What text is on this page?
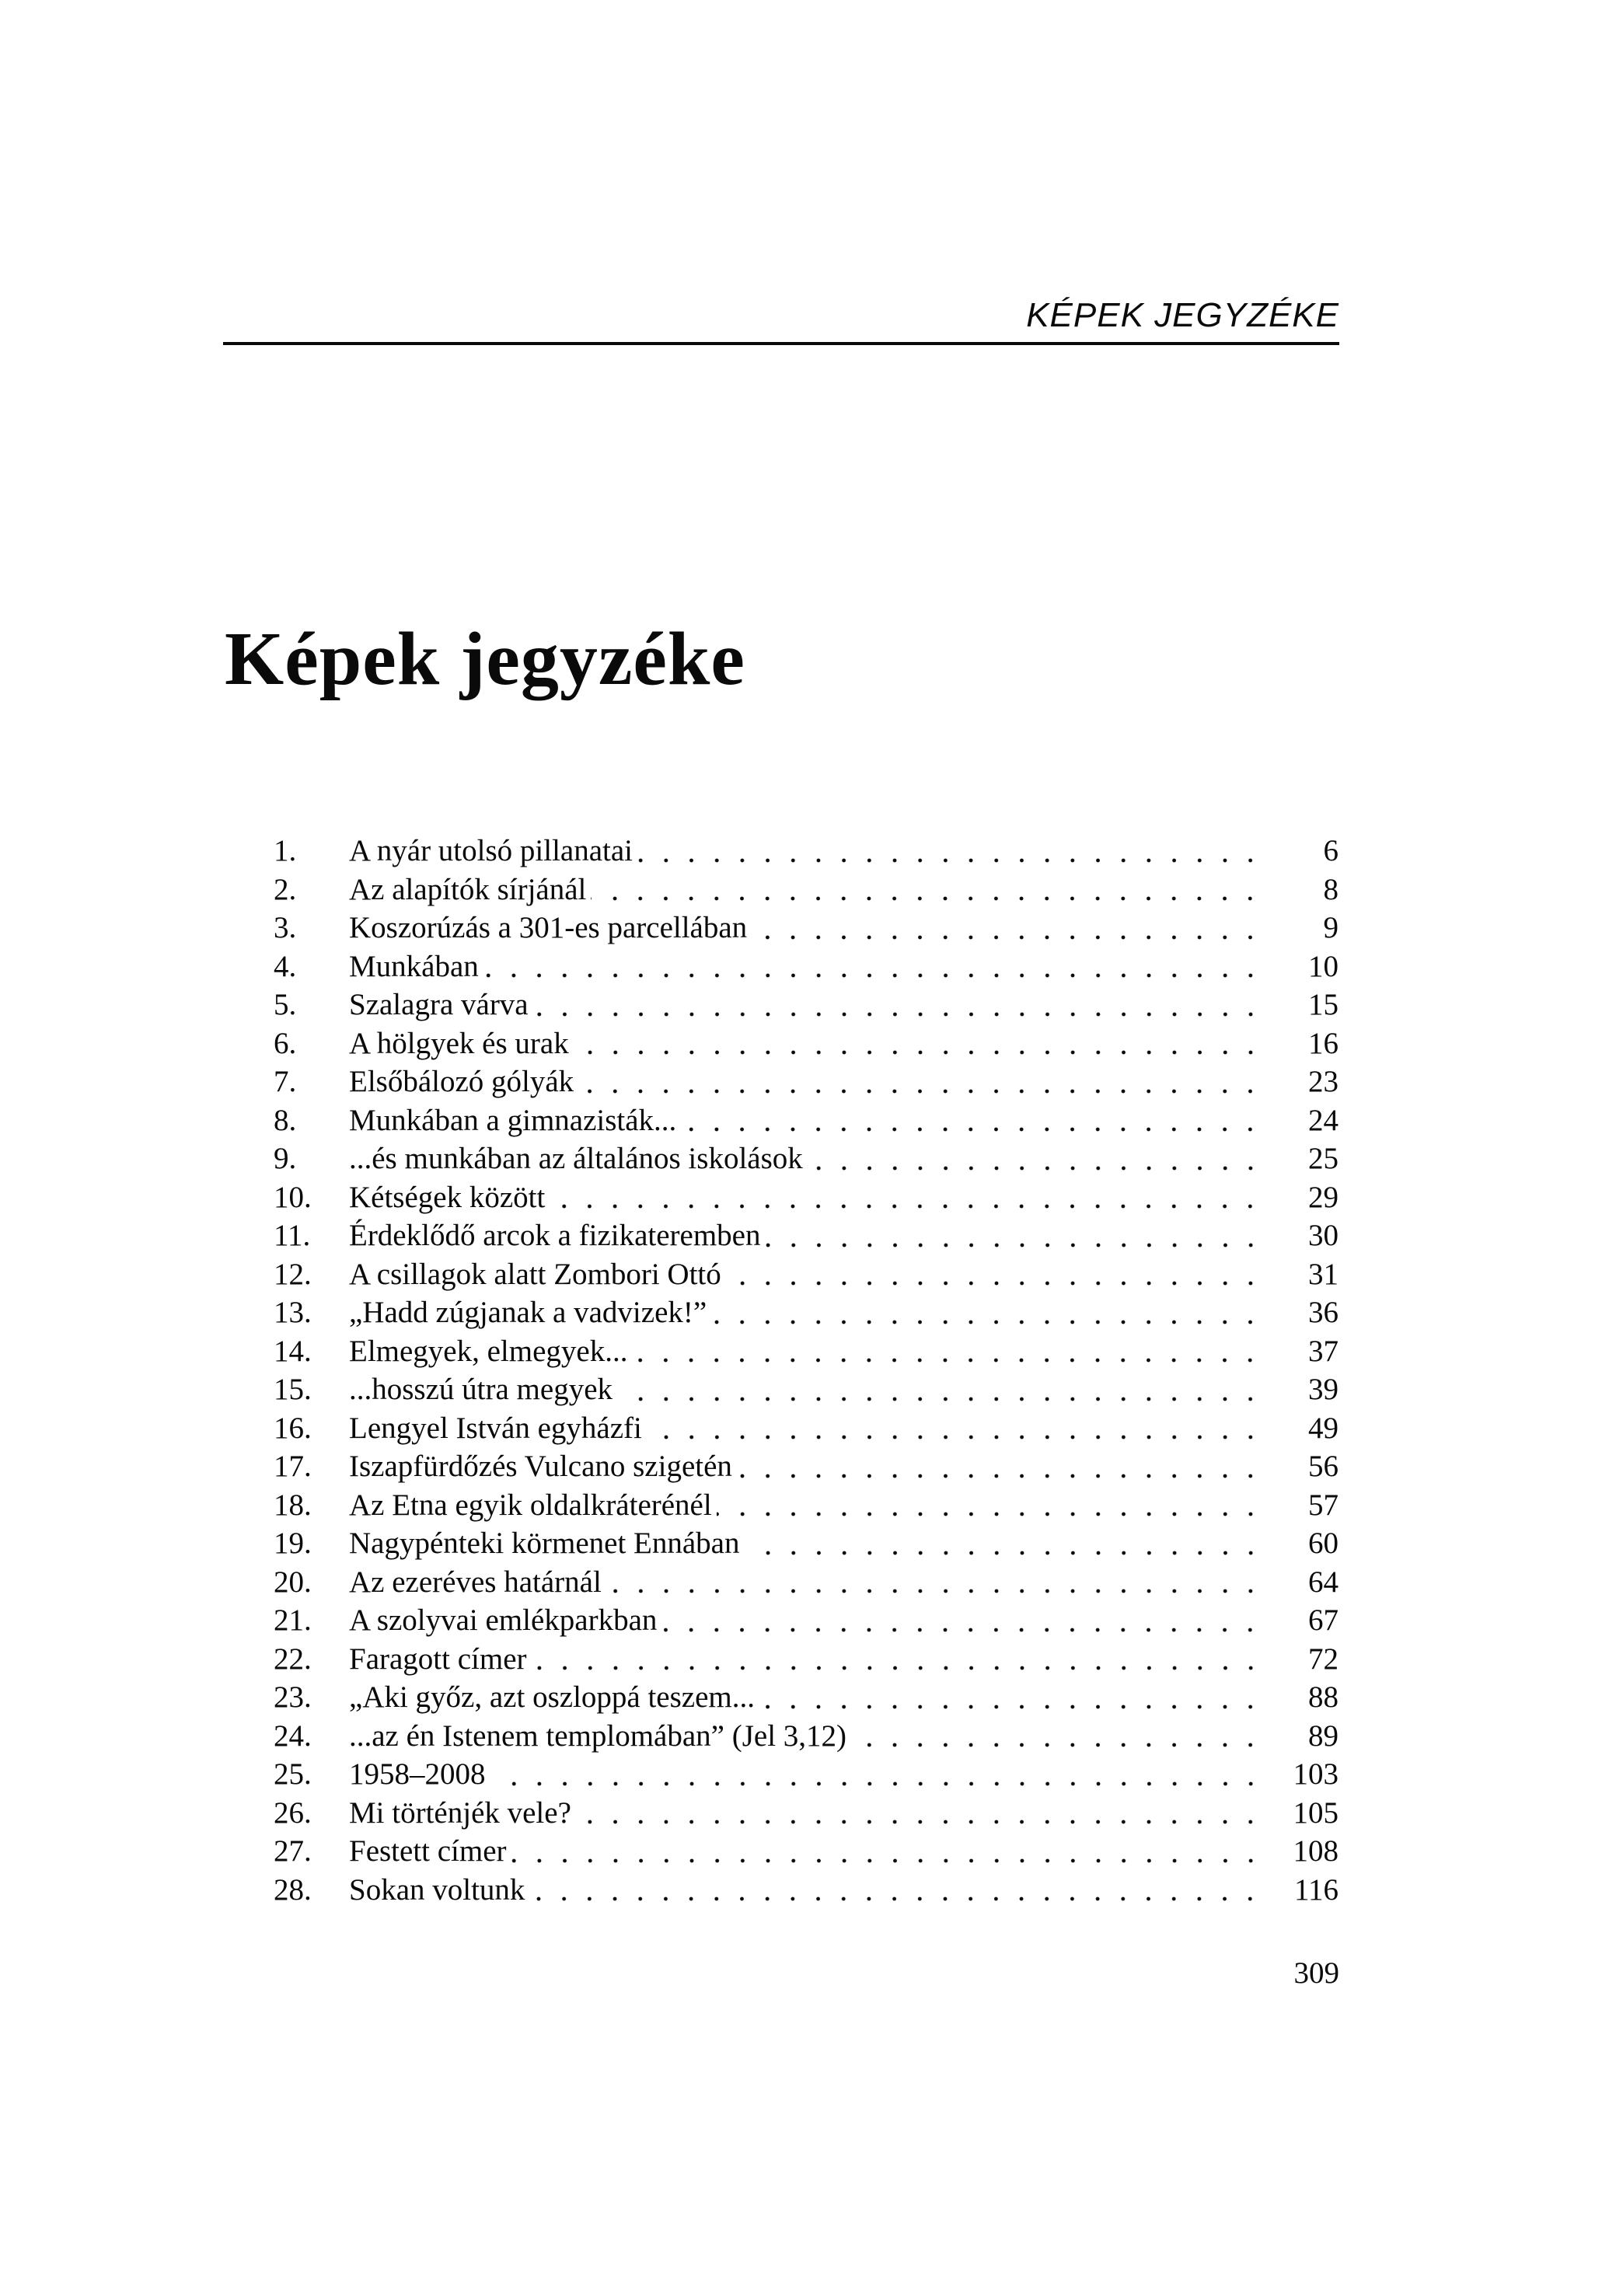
KÉPEK JEGYZÉKE
Képek jegyzéke
1.	A nyár utolsó pillanatai	6
2.	Az alapítók sírjánál	8
3.	Koszorúzás a 301-es parcellában	9
4.	Munkában	10
5.	Szalagra várva	15
6.	A hölgyek és urak	16
7.	Elsőbálozó gólyák	23
8.	Munkában a gimnazisták...	24
9.	...és munkában az általános iskolások	25
10.	Kétségek között	29
11.	Érdeklődő arcok a fizikateremben	30
12.	A csillagok alatt Zombori Ottó	31
13.	„Hadd zúgjanak a vadvizek!”	36
14.	Elmegyek, elmegyek...	37
15.	...hosszú útra megyek	39
16.	Lengyel István egyházfi	49
17.	Iszapfürdőzés Vulcano szigetén	56
18.	Az Etna egyik oldalkráterénél	57
19.	Nagypénteki körmenet Ennában	60
20.	Az ezeréves határnál	64
21.	A szolyvai emlékparkban	67
22.	Faragott címer	72
23.	„Aki győz, azt oszloppá teszem...	88
24.	...az én Istenem templomában” (Jel 3,12)	89
25.	1958–2008	103
26.	Mi történjék vele?	105
27.	Festett címer	108
28.	Sokan voltunk	116
309
